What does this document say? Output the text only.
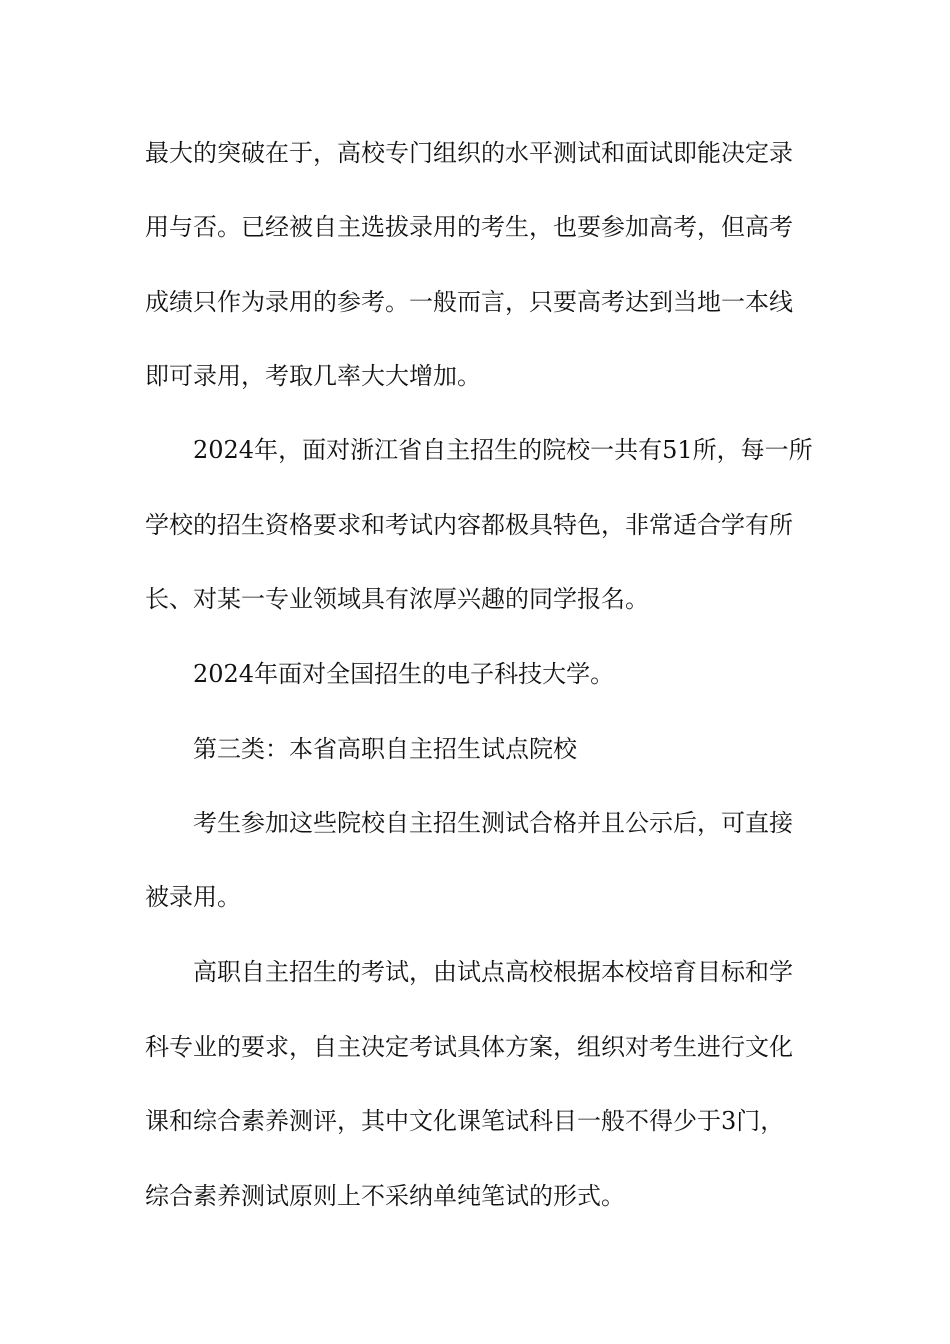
最大的突破在于，高校专门组织的水平测试和面试即能决定录
用与否。已经被自主选拔录用的考生，也要参加高考，但高考
成绩只作为录用的参考。一般而言，只要高考达到当地一本线
即可录用，考取几率大大增加。
2024年，面对浙江省自主招生的院校一共有51所，每一所
学校的招生资格要求和考试内容都极具特色，非常适合学有所
长、对某一专业领域具有浓厚兴趣的同学报名。
2024年面对全国招生的电子科技大学。
第三类：本省高职自主招生试点院校
考生参加这些院校自主招生测试合格并且公示后，可直接
被录用。
高职自主招生的考试，由试点高校根据本校培育目标和学
科专业的要求，自主决定考试具体方案，组织对考生进行文化
课和综合素养测评，其中文化课笔试科目一般不得少于3门，
综合素养测试原则上不采纳单纯笔试的形式。
